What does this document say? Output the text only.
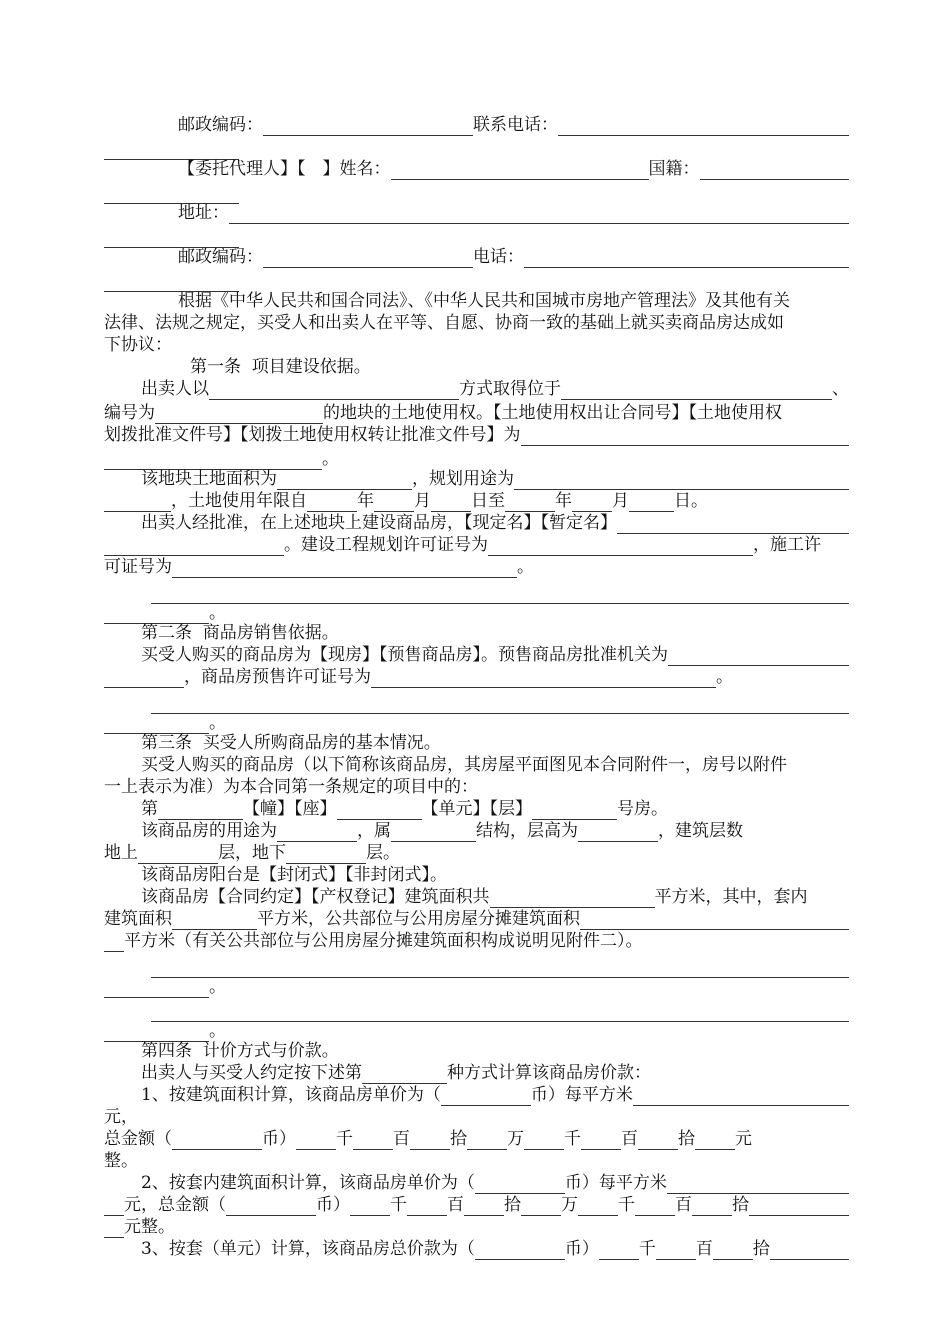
邮政编码：	联系电话：
【委托代理人】【　】姓名：	国籍：
地址：
邮政编码：	电话：
根据《中华人民共和国合同法》、《中华人民共和国城市房地产管理法》及其他有关
法律、法规之规定，买受人和出卖人在平等、自愿、协商一致的基础上就买卖商品房达成如
下协议：
第一条  项目建设依据。
出卖人以	方式取得位于	、
编号为	的地块的土地使用权。【土地使用权出让合同号】【土地使用权
划拨批准文件号】【划拨土地使用权转让批准文件号】为
。
该地块土地面积为	，规划用途为
，土地使用年限自	年 月 日至	年 月	日。
出卖人经批准，在上述地块上建设商品房，【现定名】【暂定名】
。建设工程规划许可证号为	，施工许
可证号为	。
。
第二条  商品房销售依据。
买受人购买的商品房为【现房】【预售商品房】。预售商品房批准机关为
，商品房预售许可证号为	。
。
第三条  买受人所购商品房的基本情况。
买受人购买的商品房（以下简称该商品房，其房屋平面图见本合同附件一，房号以附件
一上表示为准）为本合同第一条规定的项目中的：
第	【幢】【座】	【单元】【层】	号房。
该商品房的用途为	，属	结构，层高为	，建筑层数
地上	层，地下	层。
该商品房阳台是【封闭式】【非封闭式】。
该商品房【合同约定】【产权登记】建筑面积共	平方米，其中，套内
建筑面积	平方米，公共部位与公用房屋分摊建筑面积
平方米（有关公共部位与公用房屋分摊建筑面积构成说明见附件二）。
。
。
第四条  计价方式与价款。
出卖人与买受人约定按下述第	种方式计算该商品房价款：
1、按建筑面积计算，该商品房单价为（	币）每平方米
元，
总金额（	币） 千 百 拾 万 千 百 拾 元
整。
2、按套内建筑面积计算，该商品房单价为（	币）每平方米
元，总金额（	币） 千 百 拾 万 千 百 拾
元整。
3、按套（单元）计算，该商品房总价款为（	币） 千 百 拾
